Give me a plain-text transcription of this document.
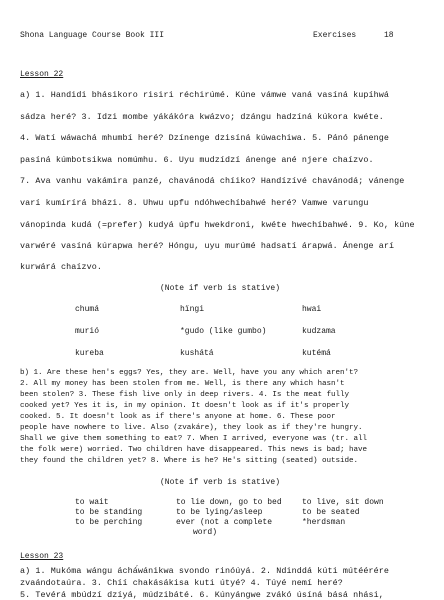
Shona Language Course Book III	Exercises	18
Lesson 22
a) 1. Handidi bhásikoro risiri réchirúmé. Kúne vámwe vaná vasíná kupíhwá
sádza heré? 3. Idzi mombe yákákóra kwázvo; dzángu hadzíná kúkora kwéte.
4. Watí wáwachá mhumbí heré? Dzínenge dzisíná kúwachiwa. 5. Pánó pánenge
pasíná kúmbotsikwa nomúmhu. 6. Uyu mudzídzí ánenge ané njere chaízvo.
7. Ava vanhu vakámira panzé, chavánodá chíiko? Handízívé chavánodá; vánenge
varí kumírírá bházi. 8. Uhwu upfu ndóhwechíbahwé heré? Vamwe varungu
vánopinda kudá (=prefer) kudyá úpfu hwekdroni, kwéte hwechíbahwé. 9. Ko, kúne
varwéré vasíná kúrapwa heré? Hóngu, uyu murúmé hadsatí árapwá. Ánenge arí
kurwárá chaízvo.
(Note if verb is stative)
chumá	hïngi	hwai
murió	*gudo (like gumbo)	kudzama
kureba	kushátá	kutémá
b) 1. Are these hen's eggs? Yes, they are. Well, have you any which aren't?
2. All my money has been stolen from me. Well, is there any which hasn't
been stolen? 3. These fish live only in deep rivers. 4. Is the meat fully
cooked yet? Yes it is, in my opinion. It doesn't look as if it's properly
cooked. 5. It doesn't look as if there's anyone at home. 6. These poor
people have nowhere to live. Also (zvakáre), they look as if they're hungry.
Shall we give them something to eat? 7. When I arrived, everyone was (tr. all
the folk were) worried. Two children have disappeared. This news is bad; have
they found the children yet? 8. Where is he? He's sitting (seated) outside.
(Note if verb is stative)
to wait	to lie down, go to bed	to live, sit down
to be standing	to be lying/asleep	to be seated
to be perching	ever (not a complete	*herdsman
word)
Lesson 23
a) 1. Mukóma wángu áchá́wánikwa svondo rinóúyá. 2. Ndinddá kúti mútéérére
zvaándotaúra. 3. Chíí chakásákisa kuti útyé? 4. Túyé nemí heré?
5. Tevérá mbúdzí dzíyá, múdzibáté. 6. Kúnyángwe zvákó úsíná básá nhási,
